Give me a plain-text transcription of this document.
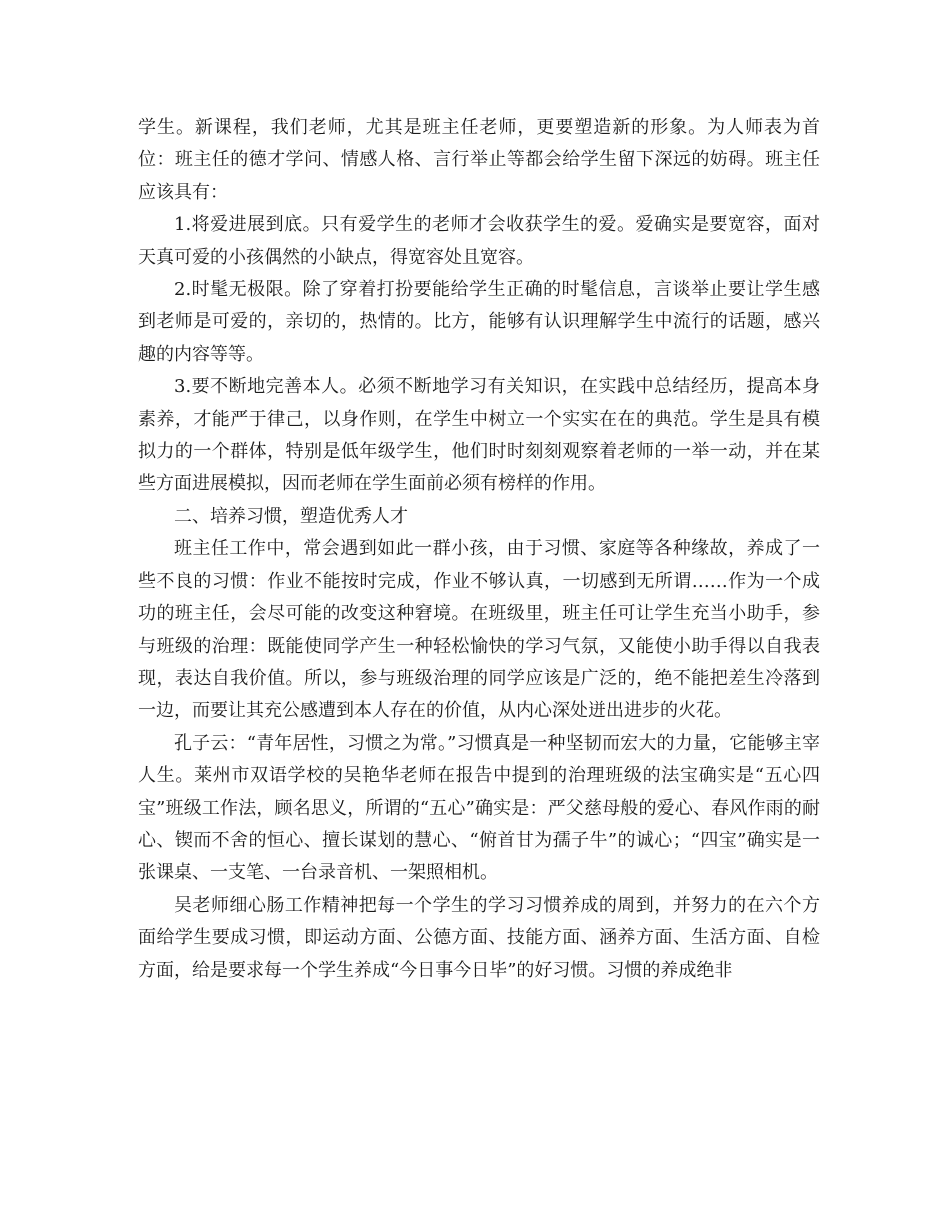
学生。新课程，我们老师，尤其是班主任老师，更要塑造新的形象。为人师表为首位：班主任的德才学问、情感人格、言行举止等都会给学生留下深远的妨碍。班主任应该具有：

1.将爱进展到底。只有爱学生的老师才会收获学生的爱。爱确实是要宽容，面对天真可爱的小孩偶然的小缺点，得宽容处且宽容。

2.时髦无极限。除了穿着打扮要能给学生正确的时髦信息，言谈举止要让学生感到老师是可爱的，亲切的，热情的。比方，能够有认识理解学生中流行的话题，感兴趣的内容等等。

3.要不断地完善本人。必须不断地学习有关知识，在实践中总结经历，提高本身素养，才能严于律己，以身作则，在学生中树立一个实实在在的典范。学生是具有模拟力的一个群体，特别是低年级学生，他们时时刻刻观察着老师的一举一动，并在某些方面进展模拟，因而老师在学生面前必须有榜样的作用。

二、培养习惯，塑造优秀人才

班主任工作中，常会遇到如此一群小孩，由于习惯、家庭等各种缘故，养成了一些不良的习惯：作业不能按时完成，作业不够认真，一切感到无所谓……作为一个成功的班主任，会尽可能的改变这种窘境。在班级里，班主任可让学生充当小助手，参与班级的治理：既能使同学产生一种轻松愉快的学习气氛，又能使小助手得以自我表现，表达自我价值。所以，参与班级治理的同学应该是广泛的，绝不能把差生冷落到一边，而要让其充公感遭到本人存在的价值，从内心深处迸出进步的火花。

孔子云：“青年居性，习惯之为常。”习惯真是一种坚韧而宏大的力量，它能够主宰人生。莱州市双语学校的吴艳华老师在报告中提到的治理班级的法宝确实是“五心四宝”班级工作法，顾名思义，所谓的“五心”确实是：严父慈母般的爱心、春风作雨的耐心、锲而不舍的恒心、擅长谋划的慧心、“俯首甘为孺子牛”的诚心；“四宝”确实是一张课桌、一支笔、一台录音机、一架照相机。

吴老师细心肠工作精神把每一个学生的学习习惯养成的周到，并努力的在六个方面给学生要成习惯，即运动方面、公德方面、技能方面、涵养方面、生活方面、自检方面，给是要求每一个学生养成“今日事今日毕”的好习惯。习惯的养成绝非
